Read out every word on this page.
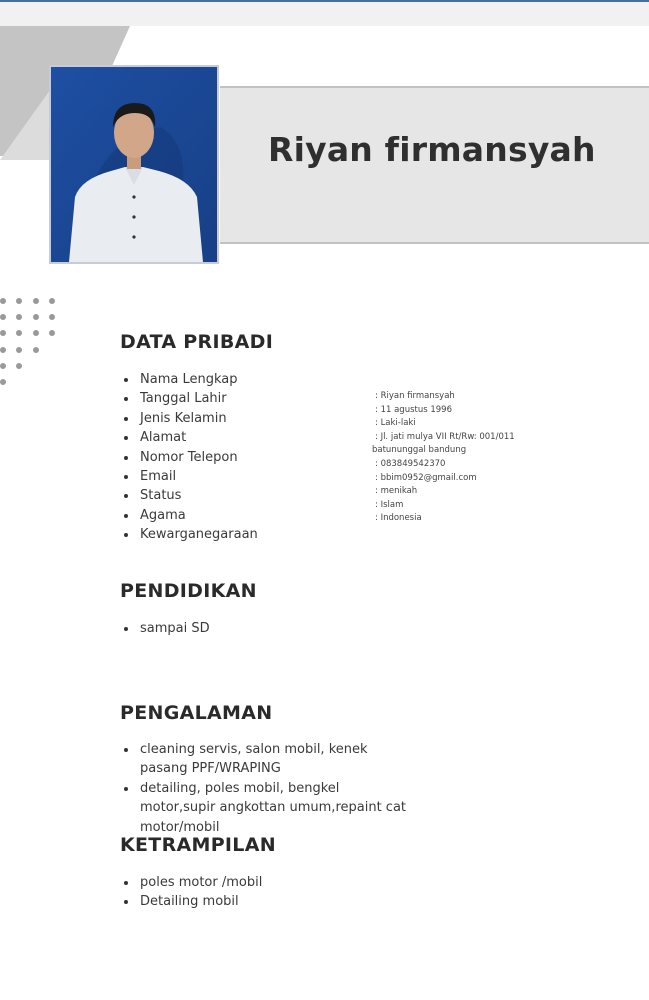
Riyan firmansyah
DATA PRIBADI
Nama Lengkap
Tanggal Lahir
Jenis Kelamin
Alamat
Nomor Telepon
Email
Status
Agama
Kewarganegaraan
: Riyan firmansyah
: 11 agustus 1996
: Laki-laki
: Jl. jati mulya VII Rt/Rw: 001/011
batununggal bandung
: 083849542370
: bbim0952@gmail.com
: menikah
: Islam
: Indonesia
PENDIDIKAN
sampai SD
PENGALAMAN
cleaning servis, salon mobil, kenek pasang PPF/WRAPING
detailing, poles mobil, bengkel motor,supir angkottan umum,repaint cat motor/mobil
KETRAMPILAN
poles motor /mobil
Detailing mobil
